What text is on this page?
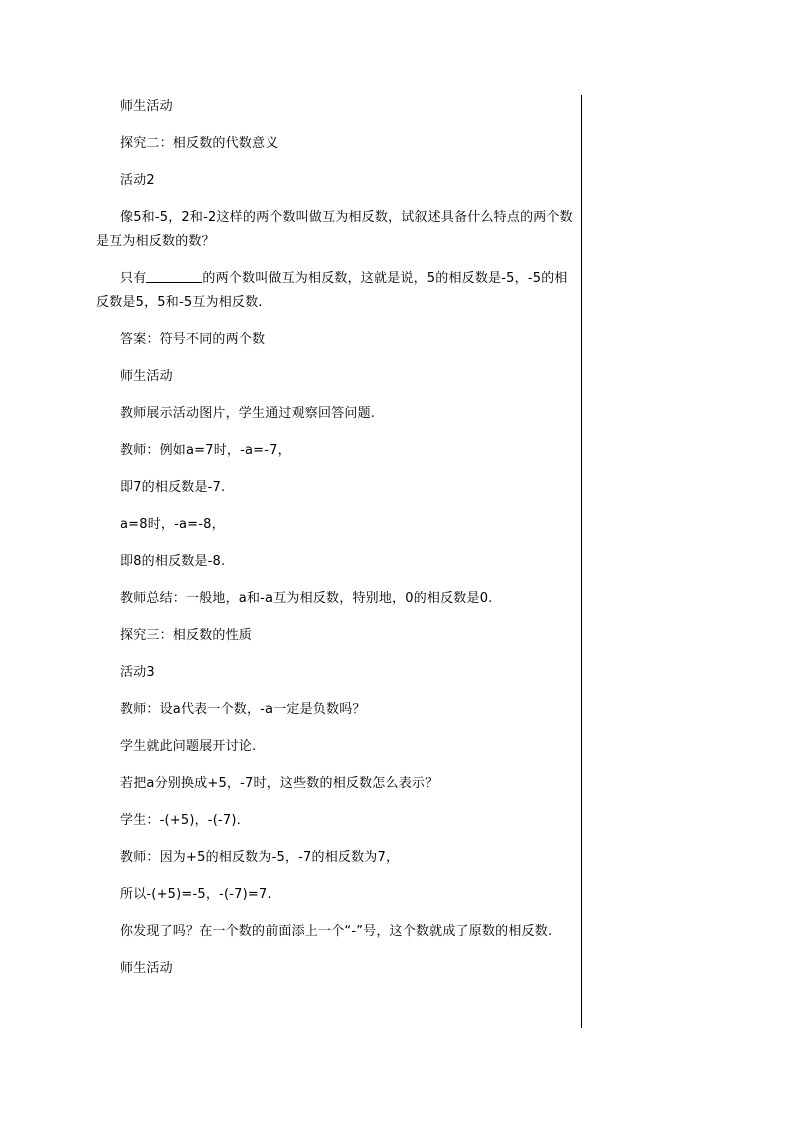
师生活动

探究二：相反数的代数意义

活动2

像5和-5，2和-2这样的两个数叫做互为相反数，试叙述具备什么特点的两个数是互为相反数的数？

只有	的两个数叫做互为相反数，这就是说，5的相反数是-5，-5的相反数是5，5和-5互为相反数.

答案：符号不同的两个数

师生活动

教师展示活动图片，学生通过观察回答问题.

教师：例如a=7时，-a=-7，

即7的相反数是-7.

a=8时，-a=-8，

即8的相反数是-8.

教师总结：一般地，a和-a互为相反数，特别地，0的相反数是0.

探究三：相反数的性质

活动3

教师：设a代表一个数，-a一定是负数吗？

学生就此问题展开讨论.

若把a分别换成+5，-7时，这些数的相反数怎么表示？

学生：-(+5)，-(-7).

教师：因为+5的相反数为-5，-7的相反数为7，

所以-(+5)=-5，-(-7)=7.

你发现了吗？在一个数的前面添上一个“-”号，这个数就成了原数的相反数.

师生活动
